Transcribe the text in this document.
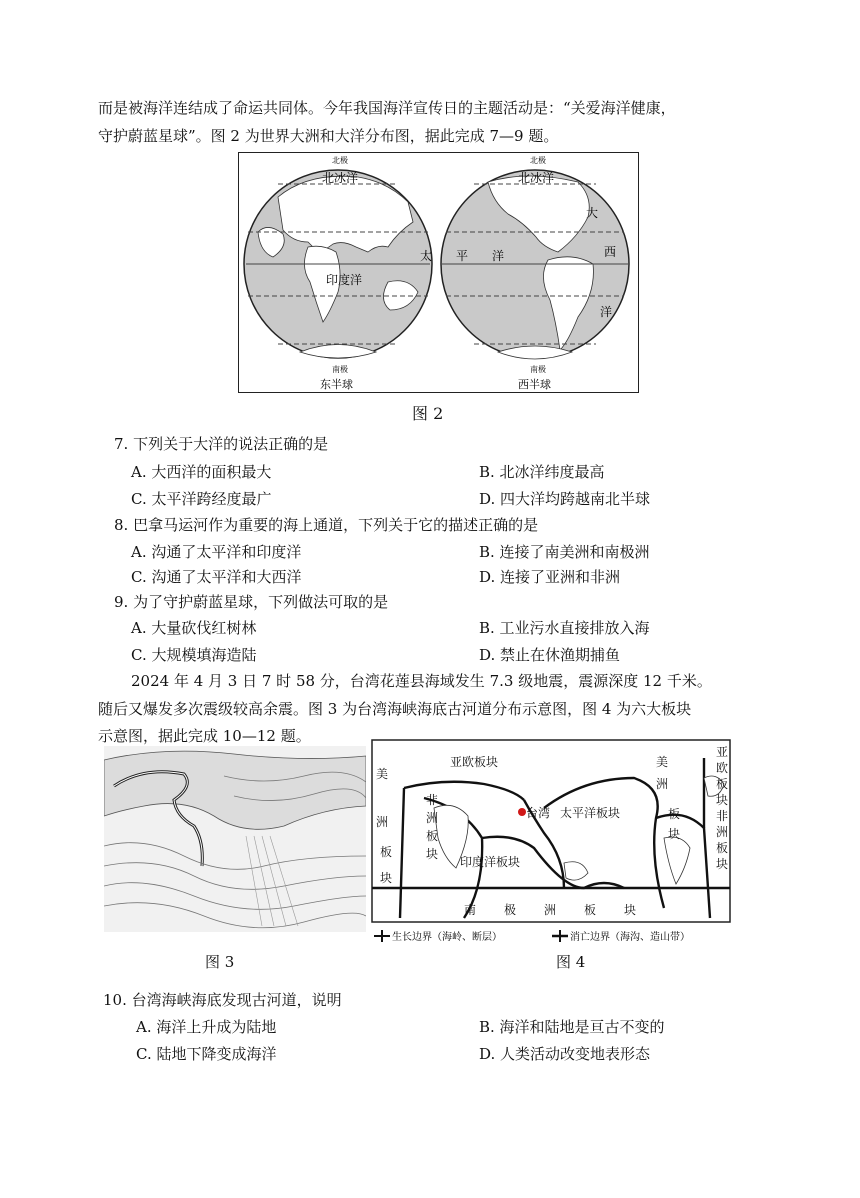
而是被海洋连结成了命运共同体。今年我国海洋宣传日的主题活动是：“关爱海洋健康，
守护蔚蓝星球”。图 2 为世界大洲和大洋分布图，据此完成 7—9 题。
北极
北冰洋
印度洋
太
南极
东半球
北极
北冰洋
平 洋
大
西
洋
南极
西半球
图 2
7. 下列关于大洋的说法正确的是
A. 大西洋的面积最大	B. 北冰洋纬度最高
C. 太平洋跨经度最广	D. 四大洋均跨越南北半球
8. 巴拿马运河作为重要的海上通道，下列关于它的描述正确的是
A. 沟通了太平洋和印度洋	B. 连接了南美洲和南极洲
C. 沟通了太平洋和大西洋	D. 连接了亚洲和非洲
9. 为了守护蔚蓝星球，下列做法可取的是
A. 大量砍伐红树林	B. 工业污水直接排放入海
C. 大规模填海造陆	D. 禁止在休渔期捕鱼
2024 年 4 月 3 日 7 时 58 分，台湾花莲县海域发生 7.3 级地震，震源深度 12 千米。
随后又爆发多次震级较高余震。图 3 为台湾海峡海底古河道分布示意图，图 4 为六大板块
示意图，据此完成 10—12 题。
图 3
亚欧板块
台湾 太平洋板块
非
洲
板
块
印度洋板块
南 极 洲 板 块
美
洲
板
块
美
洲
板
块
亚
欧
板
块
非
洲
板
块
生长边界（海岭、断层）	消亡边界（海沟、造山带）
图 4
10. 台湾海峡海底发现古河道，说明
A. 海洋上升成为陆地	B. 海洋和陆地是亘古不变的
C. 陆地下降变成海洋	D. 人类活动改变地表形态
